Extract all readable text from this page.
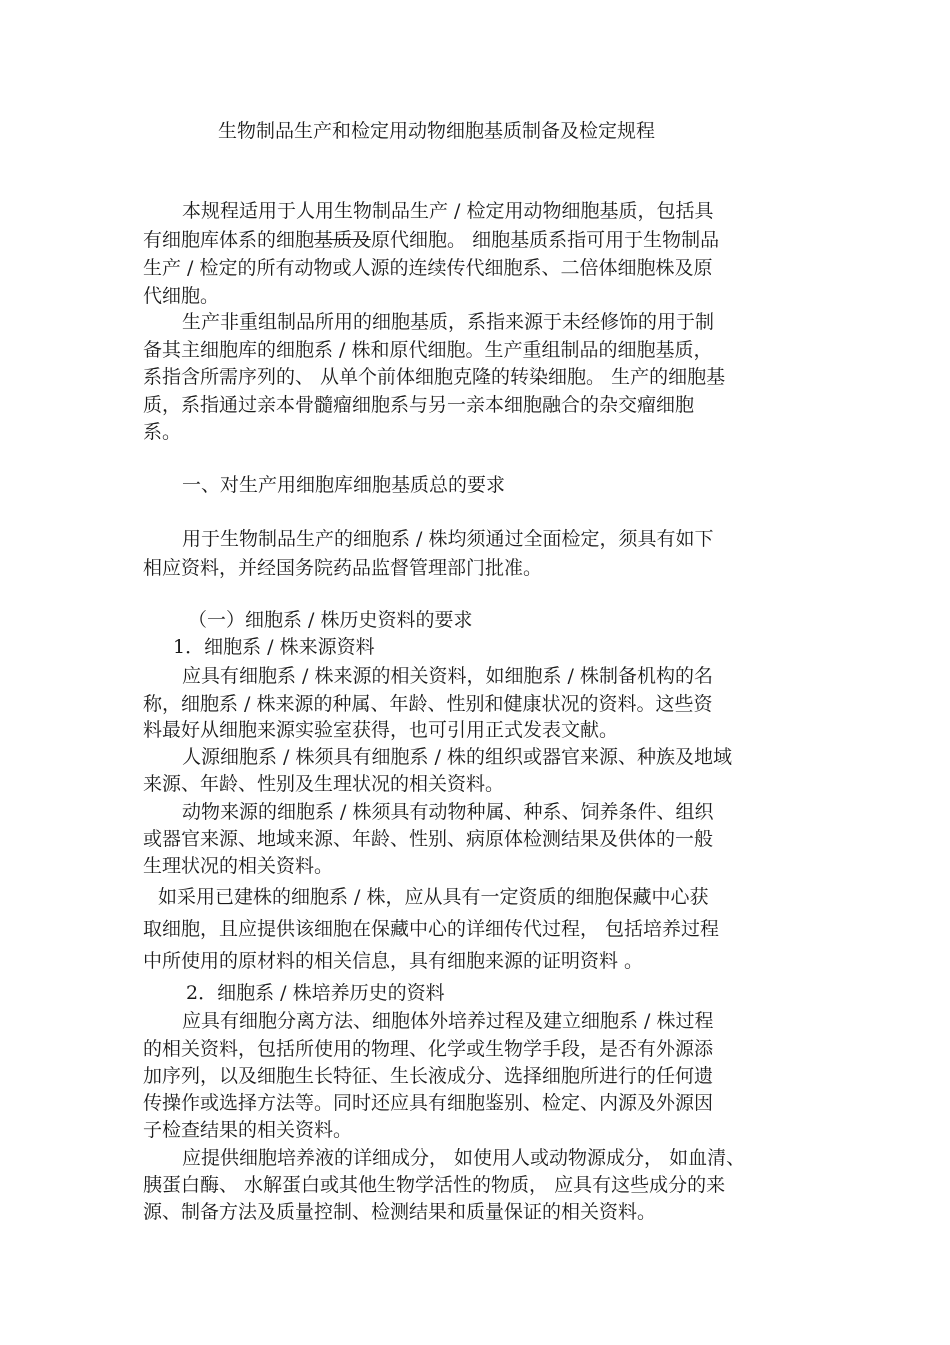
生物制品生产和检定用动物细胞基质制备及检定规程
本规程适用于人用生物制品生产 / 检定用动物细胞基质，包括具
有细胞库体系的细胞基质及原代细胞。 细胞基质系指可用于生物制品
生产 / 检定的所有动物或人源的连续传代细胞系、二倍体细胞株及原
代细胞。
生产非重组制品所用的细胞基质，系指来源于未经修饰的用于制
备其主细胞库的细胞系 / 株和原代细胞。生产重组制品的细胞基质，
系指含所需序列的、 从单个前体细胞克隆的转染细胞。 生产的细胞基
质，系指通过亲本骨髓瘤细胞系与另一亲本细胞融合的杂交瘤细胞
系。
一、对生产用细胞库细胞基质总的要求
用于生物制品生产的细胞系 / 株均须通过全面检定，须具有如下
相应资料，并经国务院药品监督管理部门批准。
（一）细胞系 / 株历史资料的要求
1．细胞系 / 株来源资料
应具有细胞系 / 株来源的相关资料，如细胞系 / 株制备机构的名
称，细胞系 / 株来源的种属、年龄、性别和健康状况的资料。这些资
料最好从细胞来源实验室获得，也可引用正式发表文献。
人源细胞系 / 株须具有细胞系 / 株的组织或器官来源、种族及地域
来源、年龄、性别及生理状况的相关资料。
动物来源的细胞系 / 株须具有动物种属、种系、饲养条件、组织
或器官来源、地域来源、年龄、性别、病原体检测结果及供体的一般
生理状况的相关资料。
如采用已建株的细胞系 / 株，应从具有一定资质的细胞保藏中心获
取细胞，且应提供该细胞在保藏中心的详细传代过程， 包括培养过程
中所使用的原材料的相关信息，具有细胞来源的证明资料 。
2．细胞系 / 株培养历史的资料
应具有细胞分离方法、细胞体外培养过程及建立细胞系 / 株过程
的相关资料，包括所使用的物理、化学或生物学手段，是否有外源添
加序列，以及细胞生长特征、生长液成分、选择细胞所进行的任何遗
传操作或选择方法等。同时还应具有细胞鉴别、检定、内源及外源因
子检查结果的相关资料。
应提供细胞培养液的详细成分， 如使用人或动物源成分， 如血清、
胰蛋白酶、 水解蛋白或其他生物学活性的物质， 应具有这些成分的来
源、制备方法及质量控制、检测结果和质量保证的相关资料。
